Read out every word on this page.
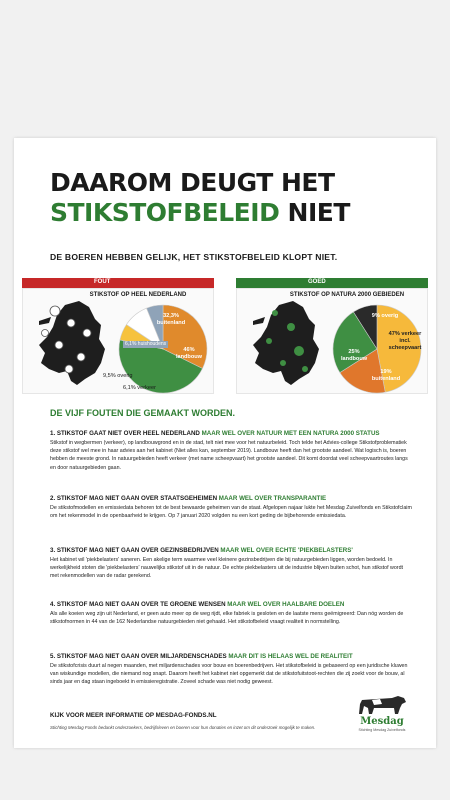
DAAROM DEUGT HET
STIKSTOFBELEID NIET
DE BOEREN HEBBEN GELIJK, HET STIKSTOFBELEID KLOPT NIET.
FOUT
STIKSTOF OP HEEL NEDERLAND
32,3%
buitenland
46%
landbouw
6,1% huishoudens
9,5% overig
6,1% verkeer
GOED
STIKSTOF OP NATURA 2000 GEBIEDEN
9% overig
47% verkeer incl. scheepvaart
25% landbouw
19% buitenland
DE VIJF FOUTEN DIE GEMAAKT WORDEN.
1. STIKSTOF GAAT NIET OVER HEEL NEDERLAND MAAR WEL OVER NATUUR MET EEN NATURA 2000 STATUS
Stikstof in wegbermen (verkeer), op landbouwgrond en in de stad, telt niet mee voor het natuurbeleid. Toch telde het Advies-college Stikstofproblematiek deze stikstof wel mee in haar advies aan het kabinet (Niet alles kan, september 2019). Landbouw heeft dan het grootste aandeel. Wat logisch is, boeren hebben de meeste grond. In natuurgebieden heeft verkeer (met name scheepvaart) het grootste aandeel. Dit komt doordat veel scheepvaartroutes langs en door natuurgebieden gaan.
2. STIKSTOF MAG NIET GAAN OVER STAATSGEHEIMEN MAAR WEL OVER TRANSPARANTIE
De stikstofmodellen en emissiedata behoren tot de best bewaarde geheimen van de staat. Afgelopen najaar lukte het Mesdag Zuivelfonds en Stikstofclaim om het rekenmodel in de openbaarheid te krijgen. Op 7 januari 2020 volgden nu een kort geding de bijbehorende emissiedata.
3. STIKSTOF MAG NIET GAAN OVER GEZINSBEDRIJVEN MAAR WEL OVER ECHTE 'PIEKBELASTERS'
Het kabinet wil 'piekbelasters' saneren. Een akelige term waarmee veel kleinere gezinsbedrijven die bij natuurgebieden liggen, worden bedoeld. In werkelijkheid stoten die 'piekbelasters' nauwelijks stikstof uit in de natuur. De echte piekbelasters uit de industrie blijven buiten schot, hun stikstof wordt met rekenmodellen van de radar gerekend.
4. STIKSTOF MAG NIET GAAN OVER TE GROENE WENSEN MAAR WEL OVER HAALBARE DOELEN
Als alle koeien weg zijn uit Nederland, er geen auto meer op de weg rijdt, elke fabriek is gesloten en de laatste mens geëmigreerd: Dan nóg worden de stikstofnormen in 44 van de 162 Nederlandse natuurgebieden niet gehaald. Het stikstofbeleid vraagt realiteit in normstelling.
5. STIKSTOF MAG NIET GAAN OVER MILJARDENSCHADES MAAR DIT IS HELAAS WEL DE REALITEIT
De stikstofcrisis duurt al negen maanden, met miljardenschades voor bouw en boerenbedrijven. Het stikstofbeleid is gebaseerd op een juridische kluwen van wiskundige modellen, die niemand nog snapt. Daarom heeft het kabinet niet opgemerkt dat de stikstofuitstoot-rechten die zij zoekt voor de bouw, al sinds jaar en dag staan ingeboekt in emissieregistratie. Zoveel schade was niet nodig geweest.
KIJK VOOR MEER INFORMATIE OP MESDAG-FONDS.NL
Stichting Mesdag Fonds bedankt onderzoekers, bedrijfsleven en boeren voor hun donaties en inzet om dit onderzoek mogelijk te maken.
Mesdag
Stichting Mesdag Zuivelfonds
